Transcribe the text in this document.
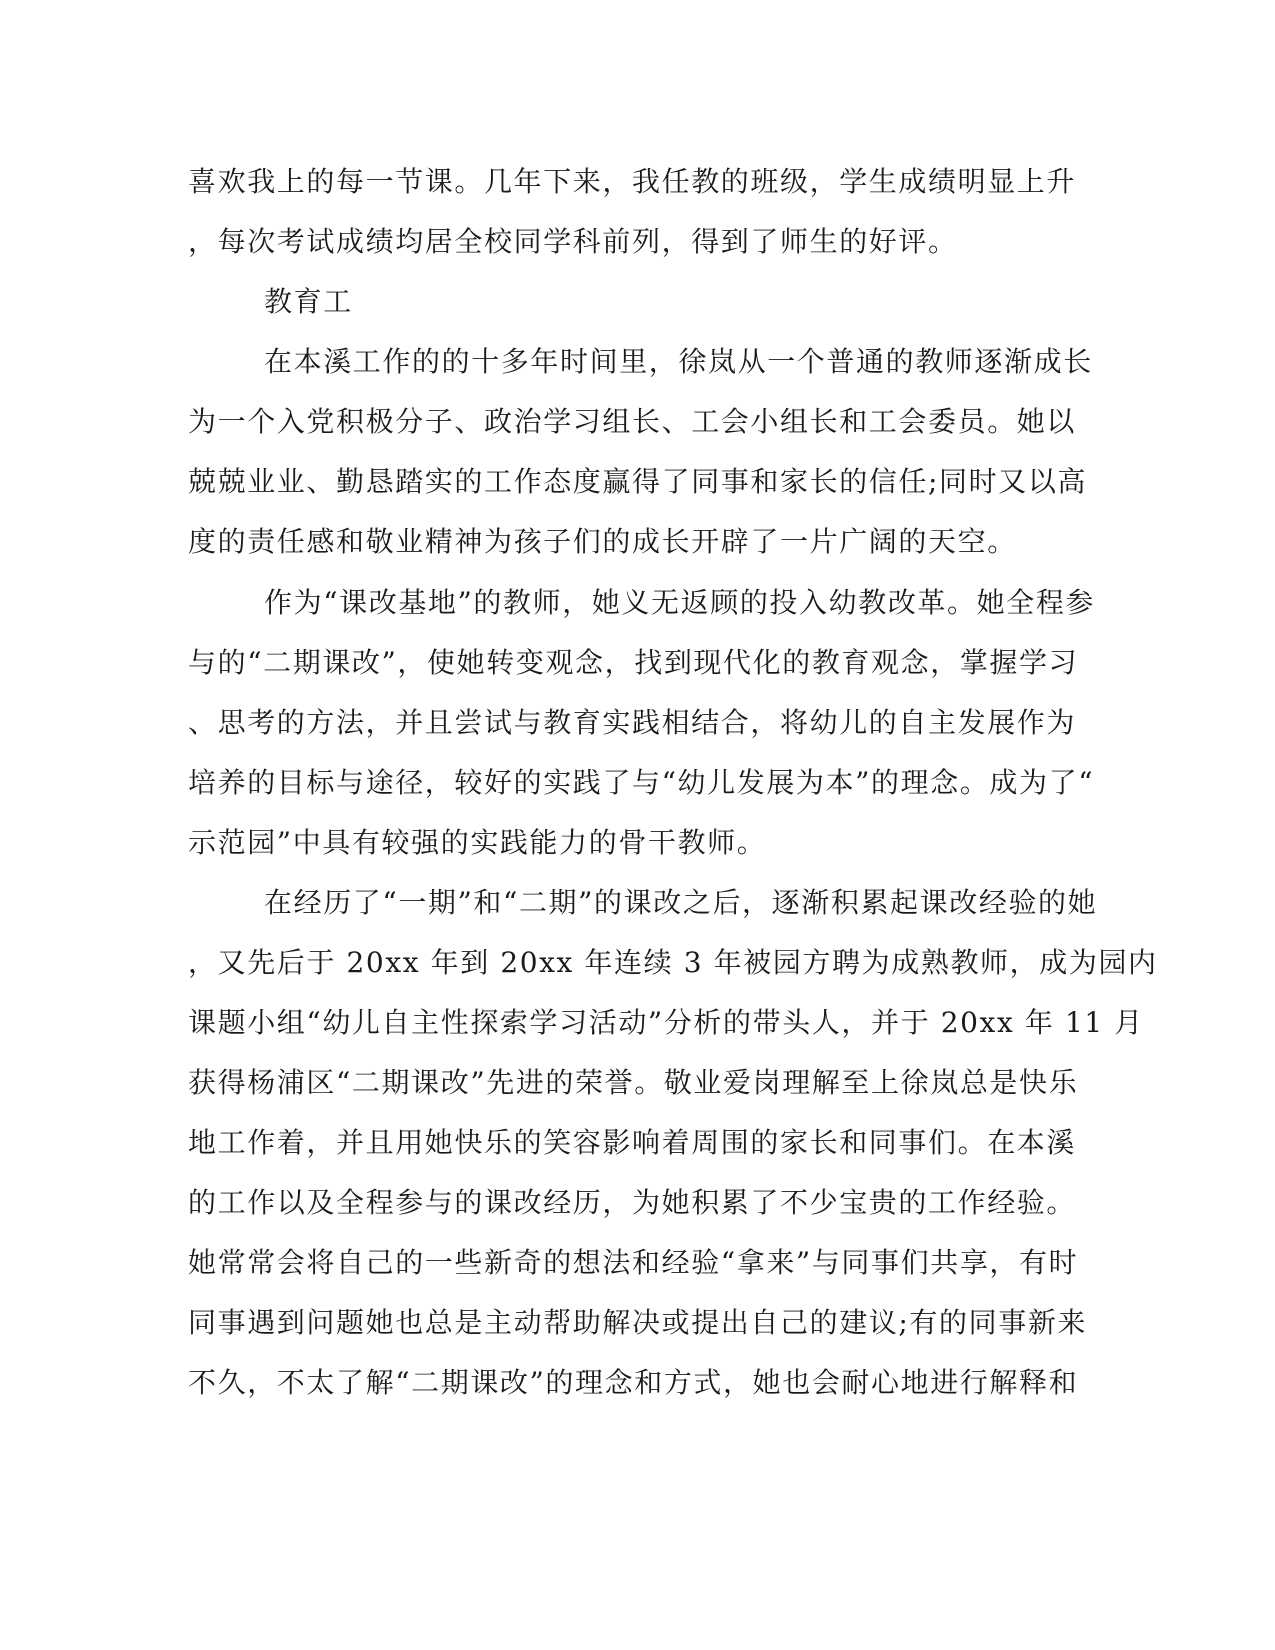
喜欢我上的每一节课。几年下来，我任教的班级，学生成绩明显上升
，每次考试成绩均居全校同学科前列，得到了师生的好评。
教育工
在本溪工作的的十多年时间里，徐岚从一个普通的教师逐渐成长
为一个入党积极分子、政治学习组长、工会小组长和工会委员。她以
兢兢业业、勤恳踏实的工作态度赢得了同事和家长的信任;同时又以高
度的责任感和敬业精神为孩子们的成长开辟了一片广阔的天空。
作为“课改基地”的教师，她义无返顾的投入幼教改革。她全程参
与的“二期课改”，使她转变观念，找到现代化的教育观念，掌握学习
、思考的方法，并且尝试与教育实践相结合，将幼儿的自主发展作为
培养的目标与途径，较好的实践了与“幼儿发展为本”的理念。成为了“
示范园”中具有较强的实践能力的骨干教师。
在经历了“一期”和“二期”的课改之后，逐渐积累起课改经验的她
，又先后于 20xx 年到 20xx 年连续 3 年被园方聘为成熟教师，成为园内
课题小组“幼儿自主性探索学习活动”分析的带头人，并于 20xx 年 11 月
获得杨浦区“二期课改”先进的荣誉。敬业爱岗理解至上徐岚总是快乐
地工作着，并且用她快乐的笑容影响着周围的家长和同事们。在本溪
的工作以及全程参与的课改经历，为她积累了不少宝贵的工作经验。
她常常会将自己的一些新奇的想法和经验“拿来”与同事们共享，有时
同事遇到问题她也总是主动帮助解决或提出自己的建议;有的同事新来
不久，不太了解“二期课改”的理念和方式，她也会耐心地进行解释和
